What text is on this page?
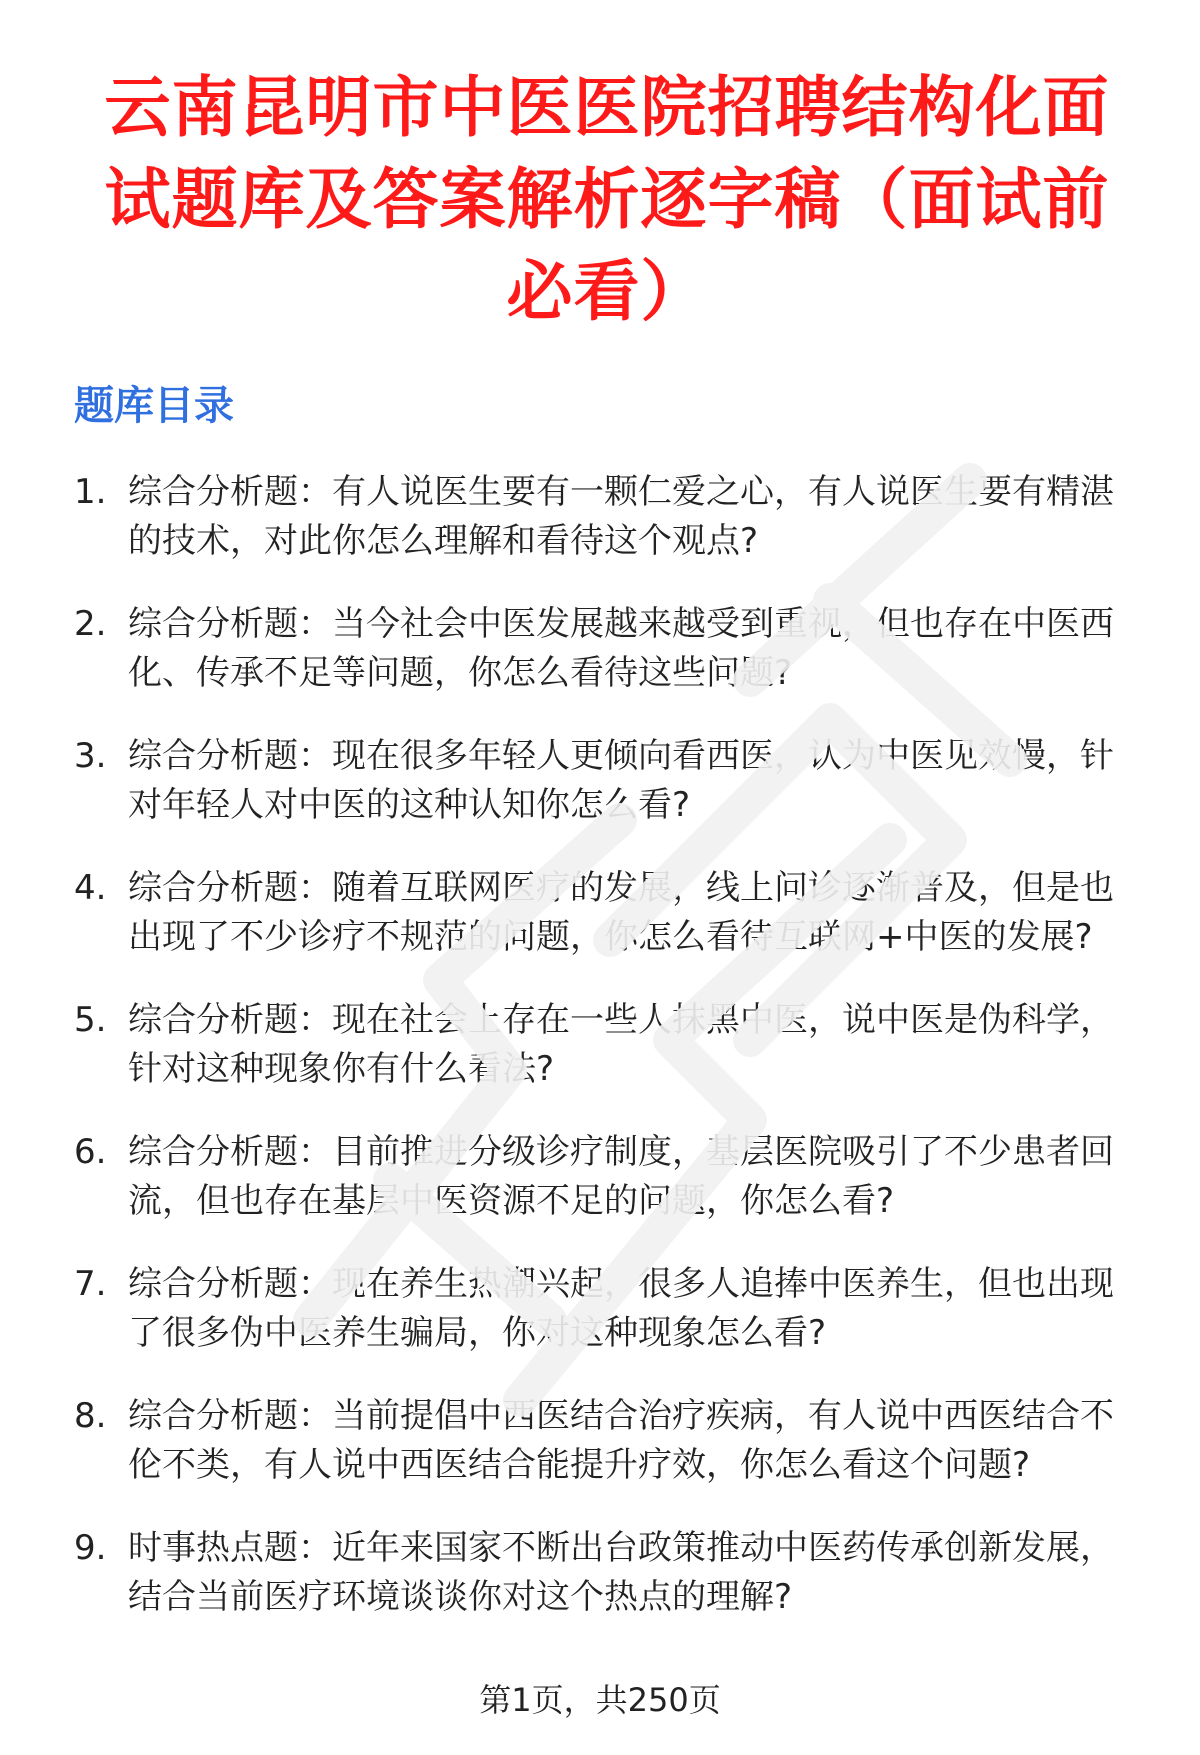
云南昆明市中医医院招聘结构化面试题库及答案解析逐字稿（面试前必看）
题库目录
1. 综合分析题：有人说医生要有一颗仁爱之心，有人说医生要有精湛的技术，对此你怎么理解和看待这个观点?
2. 综合分析题：当今社会中医发展越来越受到重视，但也存在中医西化、传承不足等问题，你怎么看待这些问题?
3. 综合分析题：现在很多年轻人更倾向看西医，认为中医见效慢，针对年轻人对中医的这种认知你怎么看?
4. 综合分析题：随着互联网医疗的发展，线上问诊逐渐普及，但是也出现了不少诊疗不规范的问题，你怎么看待互联网+中医的发展?
5. 综合分析题：现在社会上存在一些人抹黑中医，说中医是伪科学，针对这种现象你有什么看法?
6. 综合分析题：目前推进分级诊疗制度，基层医院吸引了不少患者回流，但也存在基层中医资源不足的问题，你怎么看?
7. 综合分析题：现在养生热潮兴起，很多人追捧中医养生，但也出现了很多伪中医养生骗局，你对这种现象怎么看?
8. 综合分析题：当前提倡中西医结合治疗疾病，有人说中西医结合不伦不类，有人说中西医结合能提升疗效，你怎么看这个问题?
9. 时事热点题：近年来国家不断出台政策推动中医药传承创新发展，结合当前医疗环境谈谈你对这个热点的理解?
第1页，共250页
